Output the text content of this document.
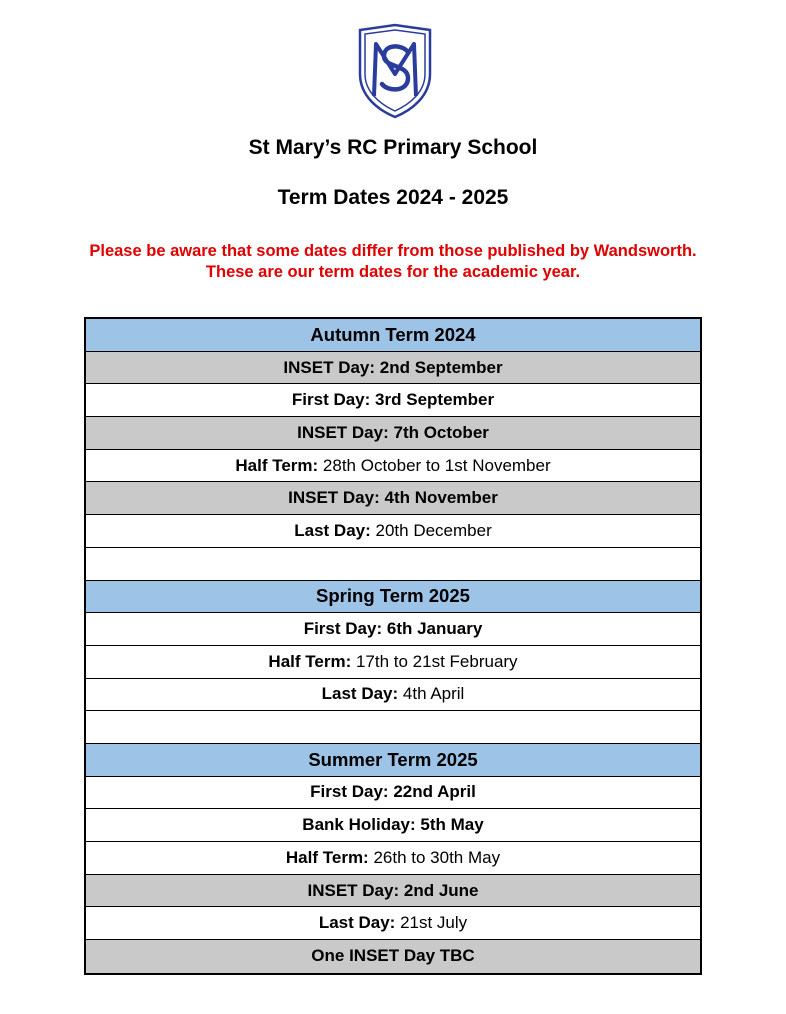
St Mary’s RC Primary School
Term Dates 2024 - 2025
Please be aware that some dates differ from those published by Wandsworth.
These are our term dates for the academic year.
Autumn Term 2024
INSET Day:
2nd September
First Day:
3rd September
INSET Day:
7th October
Half Term:
28th October to 1st November
INSET Day:
4th November
Last Day:
20th December
Spring Term 2025
First Day:
6th January
Half Term:
17th to 21st February
Last Day:
4th April
Summer Term 2025
First Day:
22nd April
Bank Holiday:
5th May
Half Term:
26th to 30th May
INSET Day:
2nd June
Last Day:
21st July
One INSET Day TBC
